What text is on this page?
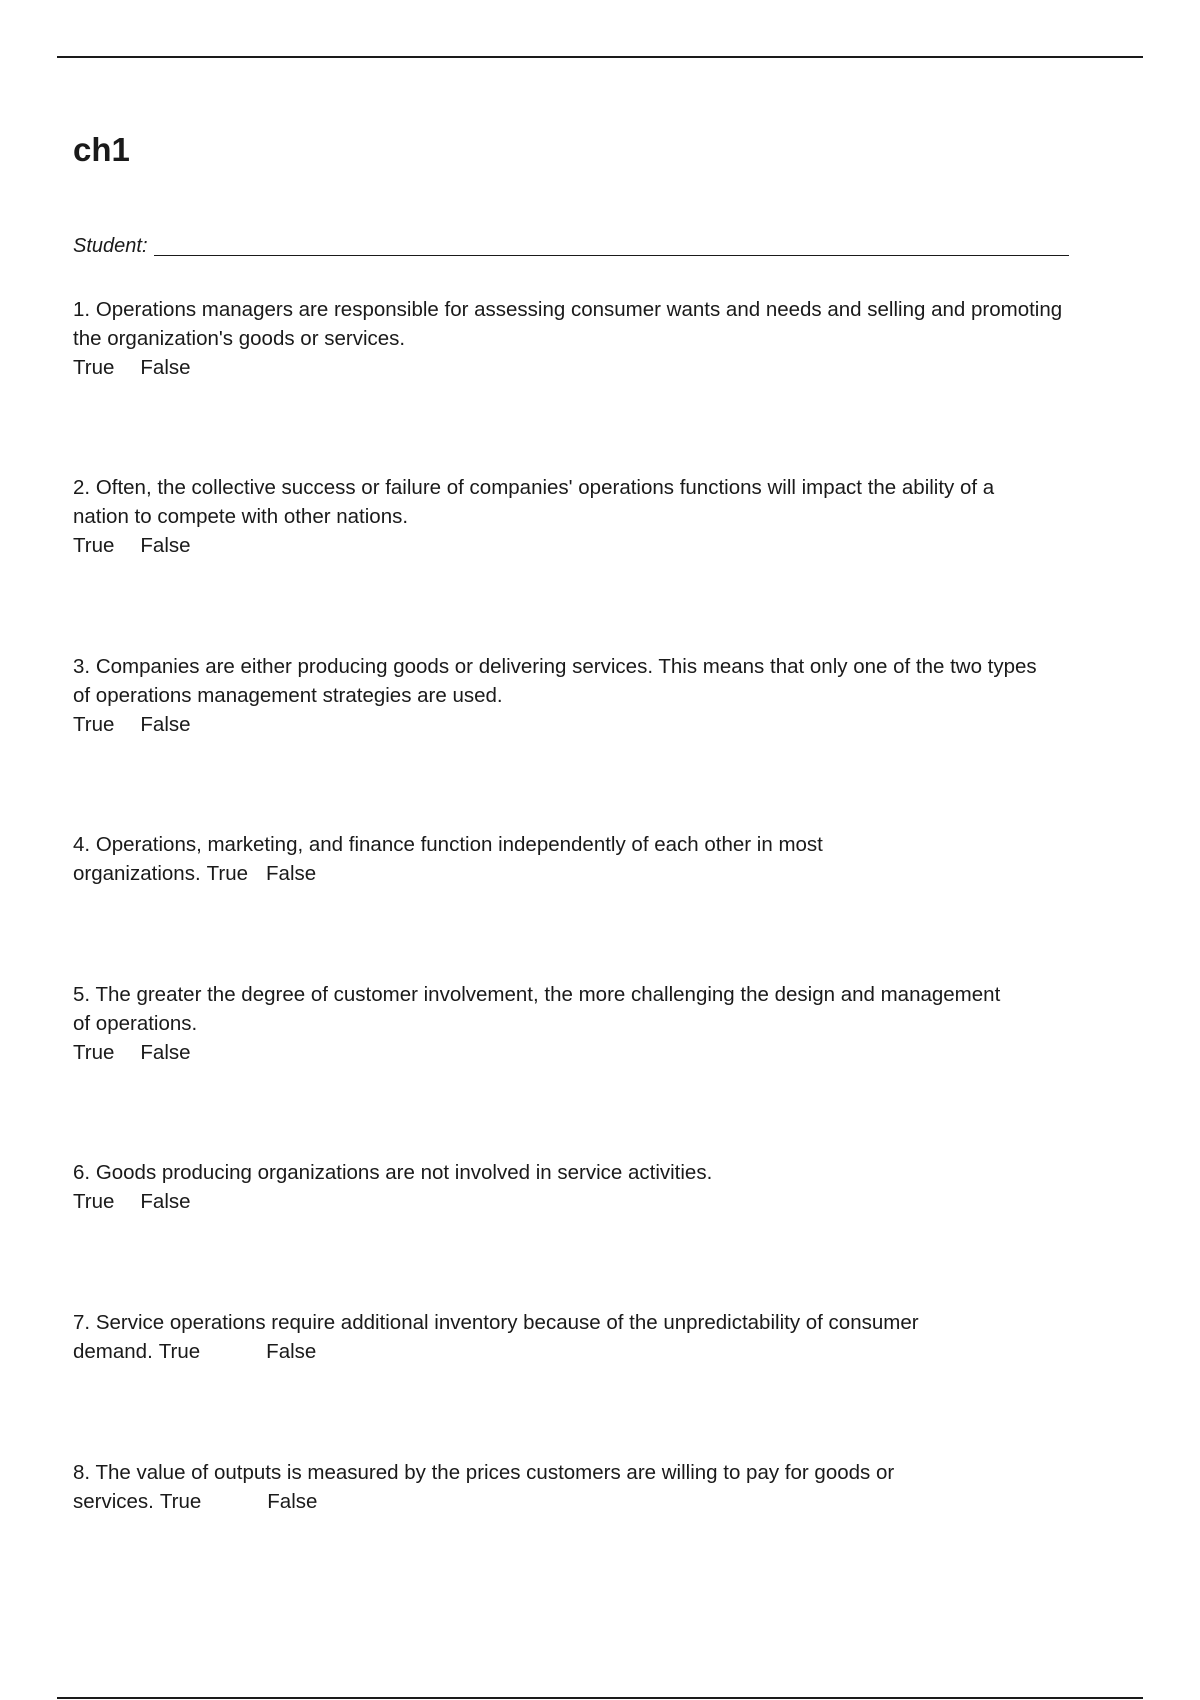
ch1
Student:

1. Operations managers are responsible for assessing consumer wants and needs and selling and promoting

the organization's goods or services.

True False

2. Often, the collective success or failure of companies' operations functions will impact the ability of a

nation to compete with other nations.

True False

3. Companies are either producing goods or delivering services. This means that only one of the two types

of operations management strategies are used.

True False

4. Operations, marketing, and finance function independently of each other in most

organizations. True False

5. The greater the degree of customer involvement, the more challenging the design and management

of operations.

True False

6. Goods producing organizations are not involved in service activities.

True False

7. Service operations require additional inventory because of the unpredictability of consumer

demand. True	False

8. The value of outputs is measured by the prices customers are willing to pay for goods or

services. True	False
